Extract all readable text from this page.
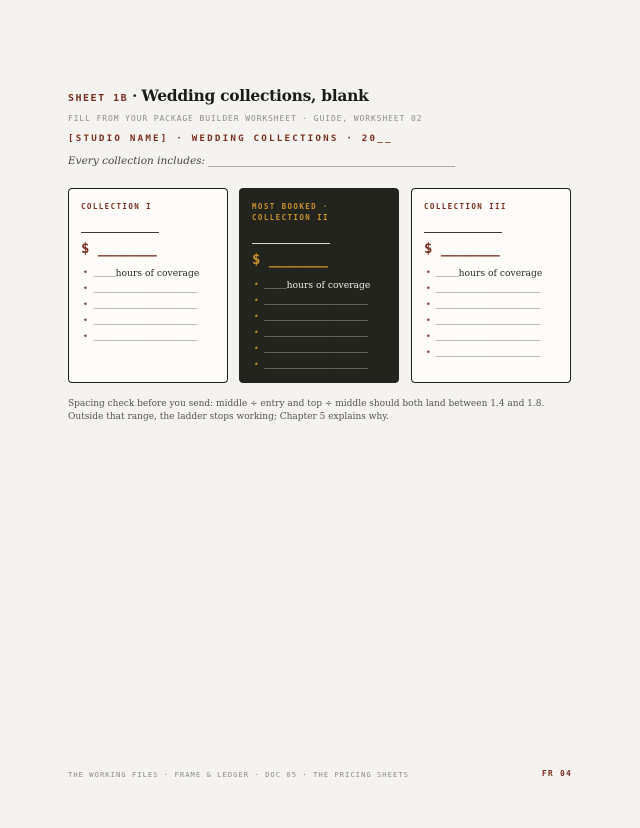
SHEET 1B · Wedding collections, blank
FILL FROM YOUR PACKAGE BUILDER WORKSHEET · GUIDE, WORKSHEET 02
[STUDIO NAME] · WEDDING COLLECTIONS · 20__
Every collection includes: _______________________________________________
COLLECTION I
$ _______
• _____ hours of coverage
• _______________________
• _______________________
• _______________________
• _______________________
MOST BOOKED · COLLECTION II
$ _______
• _____ hours of coverage
• _______________________
• _______________________
• _______________________
• _______________________
• _______________________
COLLECTION III
$ _______
• _____ hours of coverage
• _______________________
• _______________________
• _______________________
• _______________________
• _______________________
Spacing check before you send: middle ÷ entry and top ÷ middle should both land between 1.4 and 1.8. Outside that range, the ladder stops working; Chapter 5 explains why.
THE WORKING FILES · FRAME & LEDGER · DOC 05 · THE PRICING SHEETS	FR 04
